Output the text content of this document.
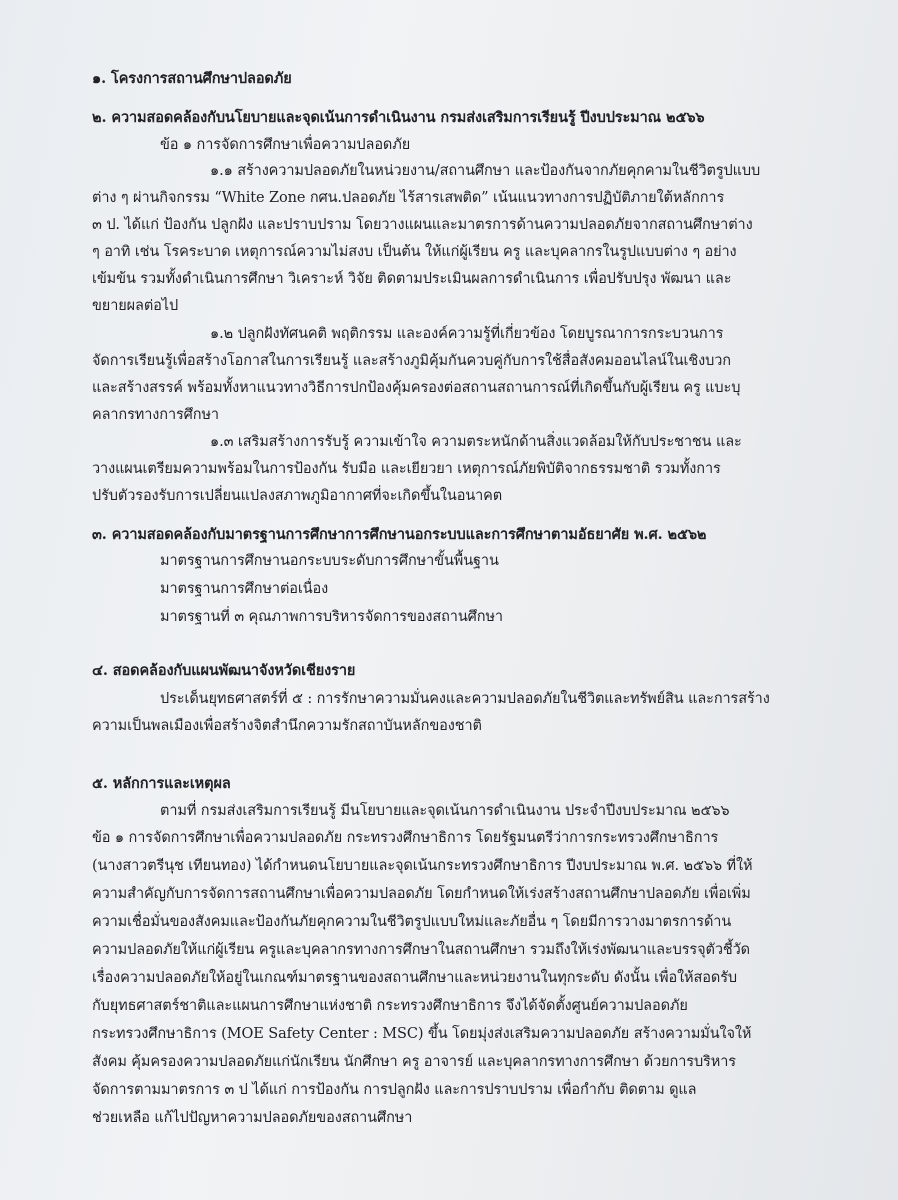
๑. โครงการสถานศึกษาปลอดภัย
๒. ความสอดคล้องกับนโยบายและจุดเน้นการดำเนินงาน กรมส่งเสริมการเรียนรู้ ปีงบประมาณ ๒๕๖๖
ข้อ ๑ การจัดการศึกษาเพื่อความปลอดภัย
๑.๑ สร้างความปลอดภัยในหน่วยงาน/สถานศึกษา และป้องกันจากภัยคุกคามในชีวิตรูปแบบ
ต่าง ๆ ผ่านกิจกรรม “White Zone กศน.ปลอดภัย ไร้สารเสพติด” เน้นแนวทางการปฏิบัติภายใต้หลักการ
๓ ป. ได้แก่ ป้องกัน ปลูกฝัง และปราบปราม โดยวางแผนและมาตรการด้านความปลอดภัยจากสถานศึกษาต่าง
ๆ อาทิ เช่น โรคระบาด เหตุการณ์ความไม่สงบ เป็นต้น ให้แก่ผู้เรียน ครู และบุคลากรในรูปแบบต่าง ๆ อย่าง
เข้มข้น รวมทั้งดำเนินการศึกษา วิเคราะห์ วิจัย ติดตามประเมินผลการดำเนินการ เพื่อปรับปรุง พัฒนา และ
ขยายผลต่อไป
๑.๒ ปลูกฝังทัศนคติ พฤติกรรม และองค์ความรู้ที่เกี่ยวข้อง โดยบูรณาการกระบวนการ
จัดการเรียนรู้เพื่อสร้างโอกาสในการเรียนรู้ และสร้างภูมิคุ้มกันควบคู่กับการใช้สื่อสังคมออนไลน์ในเชิงบวก
และสร้างสรรค์ พร้อมทั้งหาแนวทางวิธีการปกป้องคุ้มครองต่อสถานสถานการณ์ที่เกิดขึ้นกับผู้เรียน ครู แบะบุ
คลากรทางการศึกษา
๑.๓ เสริมสร้างการรับรู้ ความเข้าใจ ความตระหนักด้านสิ่งแวดล้อมให้กับประชาชน และ
วางแผนเตรียมความพร้อมในการป้องกัน รับมือ และเยียวยา เหตุการณ์ภัยพิบัติจากธรรมชาติ รวมทั้งการ
ปรับตัวรองรับการเปลี่ยนแปลงสภาพภูมิอากาศที่จะเกิดขึ้นในอนาคต
๓. ความสอดคล้องกับมาตรฐานการศึกษาการศึกษานอกระบบและการศึกษาตามอัธยาศัย พ.ศ. ๒๕๖๒
มาตรฐานการศึกษานอกระบบระดับการศึกษาขั้นพื้นฐาน
มาตรฐานการศึกษาต่อเนื่อง
มาตรฐานที่ ๓ คุณภาพการบริหารจัดการของสถานศึกษา
๔. สอดคล้องกับแผนพัฒนาจังหวัดเชียงราย
ประเด็นยุทธศาสตร์ที่ ๕ : การรักษาความมั่นคงและความปลอดภัยในชีวิตและทรัพย์สิน และการสร้าง
ความเป็นพลเมืองเพื่อสร้างจิตสำนึกความรักสถาบันหลักของชาติ
๕. หลักการและเหตุผล
ตามที่ กรมส่งเสริมการเรียนรู้ มีนโยบายและจุดเน้นการดำเนินงาน ประจำปีงบประมาณ ๒๕๖๖
ข้อ ๑ การจัดการศึกษาเพื่อความปลอดภัย กระทรวงศึกษาธิการ โดยรัฐมนตรีว่าการกระทรวงศึกษาธิการ
(นางสาวตรีนุช เทียนทอง) ได้กำหนดนโยบายและจุดเน้นกระทรวงศึกษาธิการ ปีงบประมาณ พ.ศ. ๒๕๖๖ ที่ให้
ความสำคัญกับการจัดการสถานศึกษาเพื่อความปลอดภัย โดยกำหนดให้เร่งสร้างสถานศึกษาปลอดภัย เพื่อเพิ่ม
ความเชื่อมั่นของสังคมและป้องกันภัยคุกความในชีวิตรูปแบบใหม่และภัยอื่น ๆ โดยมีการวางมาตรการด้าน
ความปลอดภัยให้แก่ผู้เรียน ครูและบุคลากรทางการศึกษาในสถานศึกษา รวมถึงให้เร่งพัฒนาและบรรจุตัวชี้วัด
เรื่องความปลอดภัยให้อยู่ในเกณฑ์มาตรฐานของสถานศึกษาและหน่วยงานในทุกระดับ ดังนั้น เพื่อให้สอดรับ
กับยุทธศาสตร์ชาติและแผนการศึกษาแห่งชาติ กระทรวงศึกษาธิการ จึงได้จัดตั้งศูนย์ความปลอดภัย
กระทรวงศึกษาธิการ (MOE Safety Center : MSC) ขึ้น โดยมุ่งส่งเสริมความปลอดภัย สร้างความมั่นใจให้
สังคม คุ้มครองความปลอดภัยแก่นักเรียน นักศึกษา ครู อาจารย์ และบุคลากรทางการศึกษา ด้วยการบริหาร
จัดการตามมาตรการ ๓ ป ได้แก่ การป้องกัน การปลูกฝัง และการปราบปราม เพื่อกำกับ ติดตาม ดูแล
ช่วยเหลือ แก้ไปปัญหาความปลอดภัยของสถานศึกษา
